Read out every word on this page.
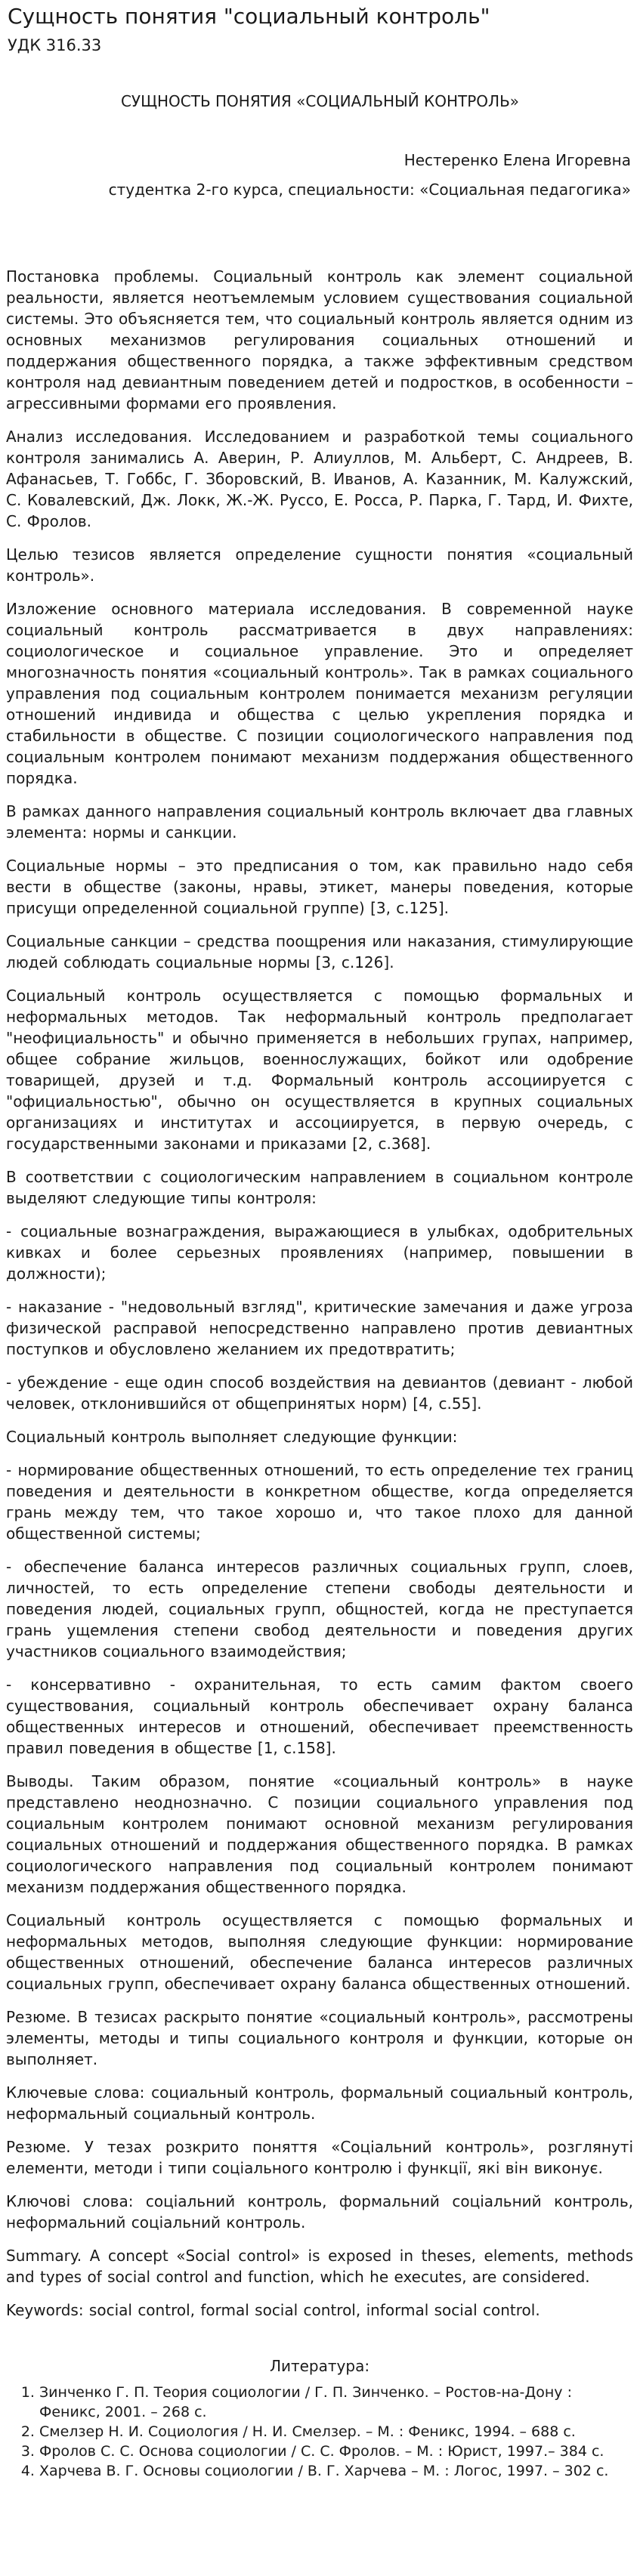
Сущность понятия "социальный контроль"
УДК 316.33
СУЩНОСТЬ ПОНЯТИЯ «СОЦИАЛЬНЫЙ КОНТРОЛЬ»
Нестеренко Елена Игоревна
студентка 2-го курса, специальности: «Социальная педагогика»

Постановка проблемы. Социальный контроль как элемент социальной реальности, является неотъемлемым условием существования социальной системы. Это объясняется тем, что социальный контроль является одним из основных механизмов регулирования социальных отношений и поддержания общественного порядка, а также эффективным средством контроля над девиантным поведением детей и подростков, в особенности – агрессивными формами его проявления.

Анализ исследования. Исследованием и разработкой темы социального контроля занимались А. Аверин, Р. Алиуллов, М. Альберт, С. Андреев, В. Афанасьев, Т. Гоббс, Г. Зборовский, В. Иванов, А. Казанник, М. Калужский, С. Ковалевский, Дж. Локк, Ж.-Ж. Руссо, Е. Росса, Р. Парка, Г. Тард, И. Фихте, С. Фролов.

Целью тезисов является определение сущности понятия «социальный контроль».

Изложение основного материала исследования. В современной науке социальный контроль рассматривается в двух направлениях: социологическое и социальное управление. Это и определяет многозначность понятия «социальный контроль». Так в рамках социального управления под социальным контролем понимается механизм регуляции отношений индивида и общества с целью укрепления порядка и стабильности в обществе. С позиции социологического направления под социальным контролем понимают механизм поддержания общественного порядка.

В рамках данного направления социальный контроль включает два главных элемента: нормы и санкции.

Социальные нормы – это предписания о том, как правильно надо себя вести в обществе (законы, нравы, этикет, манеры поведения, которые присущи определенной социальной группе) [3, с.125].

Социальные санкции – средства поощрения или наказания, стимулирующие людей соблюдать социальные нормы [3, с.126].

Социальный контроль осуществляется с помощью формальных и неформальных методов. Так неформальный контроль предполагает "неофициальность" и обычно применяется в небольших групах, например, общее собрание жильцов, военнослужащих, бойкот или одобрение товарищей, друзей и т.д. Формальный контроль ассоциируется с "официальностью", обычно он осуществляется в крупных социальных организациях и институтах и ассоциируется, в первую очередь, с государственными законами и приказами [2, с.368].

В соответствии с социологическим направлением в социальном контроле выделяют следующие типы контроля:

- социальные вознаграждения, выражающиеся в улыбках, одобрительных кивках и более серьезных проявлениях (например, повышении в должности);

- наказание - "недовольный взгляд", критические замечания и даже угроза физической расправой непосредственно направлено против девиантных поступков и обусловлено желанием их предотвратить;

- убеждение - еще один способ воздействия на девиантов (девиант - любой человек, отклонившийся от общепринятых норм) [4, с.55].

Социальный контроль выполняет следующие функции:

- нормирование общественных отношений, то есть определение тех границ поведения и деятельности в конкретном обществе, когда определяется грань между тем, что такое хорошо и, что такое плохо для данной общественной системы;

- обеспечение баланса интересов различных социальных групп, слоев, личностей, то есть определение степени свободы деятельности и поведения людей, социальных групп, общностей, когда не преступается грань ущемления степени свобод деятельности и поведения других участников социального взаимодействия;

- консервативно - охранительная, то есть самим фактом своего существования, социальный контроль обеспечивает охрану баланса общественных интересов и отношений, обеспечивает преемственность правил поведения в обществе [1, с.158].

Выводы. Таким образом, понятие «социальный контроль» в науке представлено неоднозначно. С позиции социального управления под социальным контролем понимают основной механизм регулирования социальных отношений и поддержания общественного порядка. В рамках социологического направления под социальный контролем понимают механизм поддержания общественного порядка.

Социальный контроль осуществляется с помощью формальных и неформальных методов, выполняя следующие функции: нормирование общественных отношений, обеспечение баланса интересов различных социальных групп, обеспечивает охрану баланса общественных отношений.

Резюме. В тезисах раскрыто понятие «социальный контроль», рассмотрены элементы, методы и типы социального контроля и функции, которые он выполняет.

Ключевые слова: социальный контроль, формальный социальный контроль, неформальный социальный контроль.

Резюме. У тезах розкрито поняття «Соціальний контроль», розглянуті елементи, методи і типи соціального контролю і функції, які він виконує.

Ключові слова: соціальний контроль, формальний соціальний контроль, неформальний соціальний контроль.

Summary. A concept «Social control» is exposed in theses, elements, methods and types of social control and function, which he executes, are considered.

Keywords: social control, formal social control, informal social control.

Литература:
1. Зинченко Г. П. Теория социологии / Г. П. Зинченко. – Ростов-на-Дону : Феникс, 2001. – 268 с.
2. Смелзер Н. И. Социология / Н. И. Смелзер. – М. : Феникс, 1994. – 688 с.
3. Фролов С. С. Основа социологии / С. С. Фролов. – М. : Юрист, 1997.– 384 с.
4. Харчева В. Г. Основы социологии / В. Г. Харчева – М. : Логос, 1997. – 302 с.
